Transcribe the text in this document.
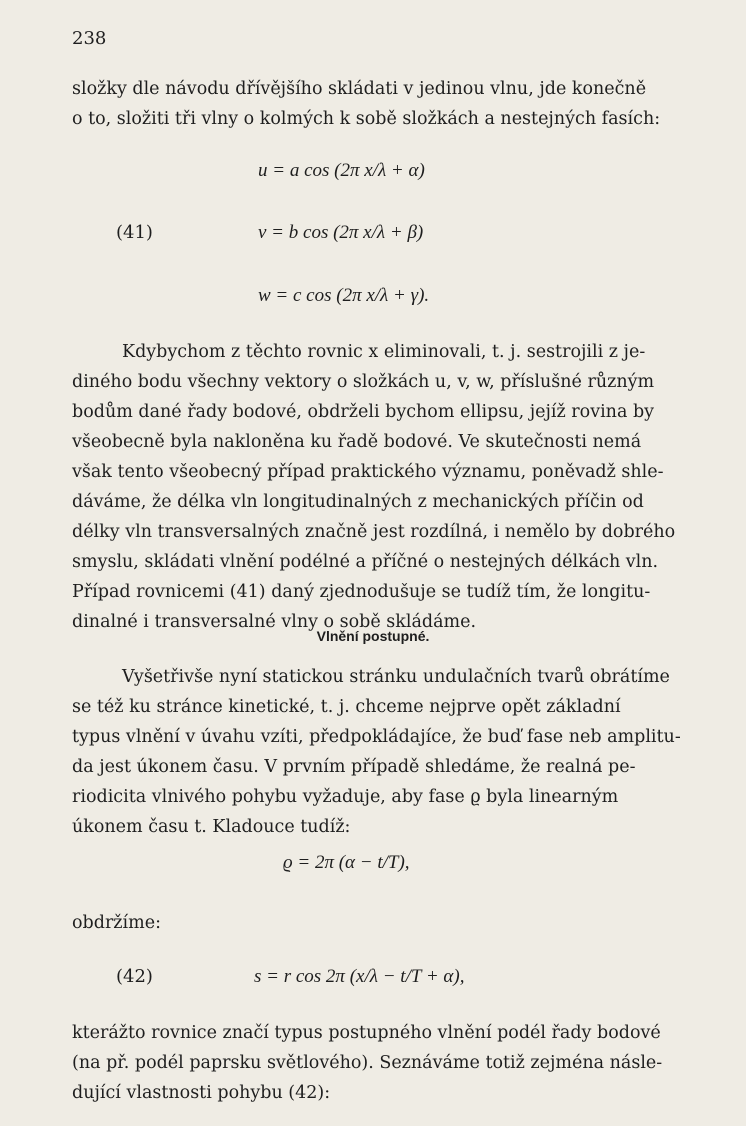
238
složky dle návodu dřívějšího skládati v jedinou vlnu, jde konečně
o to, složiti tři vlny o kolmých k sobě složkách a nestejných fasích:
u = a cos (2π x/λ + α)
(41)	v = b cos (2π x/λ + β)
w = c cos (2π x/λ + γ).
Kdybychom z těchto rovnic x eliminovali, t. j. sestrojili z je-
diného bodu všechny vektory o složkách u, v, w, příslušné různým
bodům dané řady bodové, obdrželi bychom ellipsu, jejíž rovina by
všeobecně byla nakloněna ku řadě bodové. Ve skutečnosti nemá
však tento všeobecný případ praktického významu, poněvadž shle-
dáváme, že délka vln longitudinalných z mechanických příčin od
délky vln transversalných značně jest rozdílná, i nemělo by dobrého
smyslu, skládati vlnění podélné a příčné o nestejných délkách vln.
Případ rovnicemi (41) daný zjednodušuje se tudíž tím, že longitu-
dinalné i transversalné vlny o sobě skládáme.
Vlnění postupné.
Vyšetřivše nyní statickou stránku undulačních tvarů obrátíme
se též ku stránce kinetické, t. j. chceme nejprve opět základní
typus vlnění v úvahu vzíti, předpokládajíce, že buď fase neb amplitu-
da jest úkonem času. V prvním případě shledáme, že realná pe-
riodicita vlnivého pohybu vyžaduje, aby fase ϱ byla linearným
úkonem času t. Kladouce tudíž:
ϱ = 2π (α − t/T),
obdržíme:
(42)	s = r cos 2π (x/λ − t/T + α),
kterážto rovnice značí typus postupného vlnění podél řady bodové
(na př. podél paprsku světlového). Seznáváme totiž zejména násle-
dující vlastnosti pohybu (42):
